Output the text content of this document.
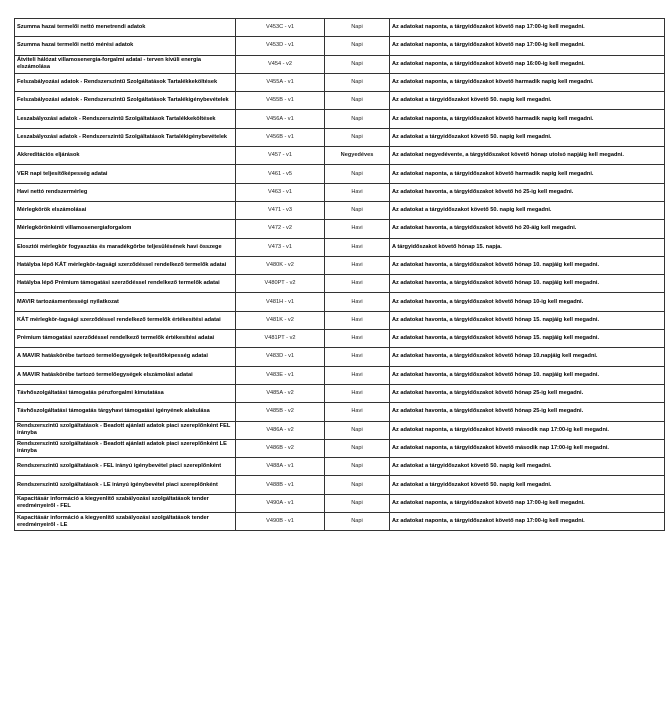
Szumma hazai termelői nettó menetrendi adatok	V453C - v1	Napi	Az adatokat naponta, a tárgyidőszakot követő nap 17:00-ig kell megadni.
Szumma hazai termelői nettó mérési adatok	V453D - v1	Napi	Az adatokat naponta, a tárgyidőszakot követő nap 17:00-ig kell megadni.
Átviteli hálózat villamosenergia-forgalmi adatai - terven kívüli energia elszámolása	V454 - v2	Napi	Az adatokat naponta, a tárgyidőszakot követő nap 16:00-ig kell megadni.
Felszabályozási adatok - Rendszerszintű Szolgáltatások Tartalékkeköltések	V455A - v1	Napi	Az adatokat naponta, a tárgyidőszakot követő harmadik napig kell megadni.
Felszabályozási adatok - Rendszerszintű Szolgáltatások Tartalékigénybevételek	V455B - v1	Napi	Az adatokat a tárgyidőszakot követő 50. napig kell megadni.
Leszabályozási adatok - Rendszerszintű Szolgáltatások Tartalékkeköltések	V456A - v1	Napi	Az adatokat naponta, a tárgyidőszakot követő harmadik napig kell megadni.
Leszabályozási adatok - Rendszerszintű Szolgáltatások Tartalékigénybevételek	V456B - v1	Napi	Az adatokat a tárgyidőszakot követő 50. napig kell megadni.
Akkreditációs eljárások	V457 - v1	Negyedéves	Az adatokat negyedévente, a tárgyidőszakot követő hónap utolsó napjáig kell megadni.
VER napi teljesítőképesség adatai	V461 - v5	Napi	Az adatokat naponta, a tárgyidőszakot követő harmadik napig kell megadni.
Havi nettó rendszermérleg	V463 - v1	Havi	Az adatokat havonta, a tárgyidőszakot követő hó 25-ig kell megadni.
Mérlegkörök elszámolásai	V471 - v3	Napi	Az adatokat a tárgyidőszakot követő 50. napig kell megadni.
Mérlegkörönkénti villamosenergiaforgalom	V472 - v2	Havi	Az adatokat havonta, a tárgyidőszakot követő hó 20-áig kell megadni.
Elosztói mérlegkör fogyasztás és maradékgörbe teljesülésének havi összege	V473 - v1	Havi	A tárgyidőszakot követő hónap 15. napja.
Hatályba lépő KÁT mérlegkör-tagsági szerződéssel rendelkező termelők adatai	V480K - v2	Havi	Az adatokat havonta, a tárgyidőszakot követő hónap 10. napjáig kell megadni.
Hatályba lépő Prémium támogatási szerződéssel rendelkező termelők adatai	V480PT - v2	Havi	Az adatokat havonta, a tárgyidőszakot követő hónap 10. napjáig kell megadni.
MAVIR tartozásmentességi nyilatkozat	V481H - v1	Havi	Az adatokat havonta, a tárgyidőszakot követő hónap 10-ig kell megadni.
KÁT mérlegkör-tagsági szerződéssel rendelkező termelők értékesítési adatai	V481K - v2	Havi	Az adatokat havonta, a tárgyidőszakot követő hónap 15. napjáig kell megadni.
Prémium támogatási szerződéssel rendelkező termelők értékesítési adatai	V481PT - v2	Havi	Az adatokat havonta, a tárgyidőszakot követő hónap 15. napjáig kell megadni.
A MAVIR hatáskörébe tartozó termelőegységek teljesítőképesség adatai	V483D - v1	Havi	Az adatokat havonta, a tárgyidőszakot követő hónap 10.napjáig kell megadni.
A MAVIR hatáskörébe tartozó termelőegységek elszámolási adatai	V483E - v1	Havi	Az adatokat havonta, a tárgyidőszakot követő hónap 10. napjáig kell megadni.
Távhőszolgáltatási támogatás pénzforgalmi kimutatása	V485A - v2	Havi	Az adatokat havonta, a tárgyidőszakot követő hónap 25-ig kell megadni.
Távhőszolgáltatási támogatás tárgyhavi támogatási igényének alakulása	V485B - v2	Havi	Az adatokat havonta, a tárgyidőszakot követő hónap 25-ig kell megadni.
Rendszerszintű szolgáltatások - Beadott ajánlati adatok piaci szereplőnként FEL irányba	V486A - v2	Napi	Az adatokat naponta, a tárgyidőszakot követő második nap 17:00-ig kell megadni.
Rendszerszintű szolgáltatások - Beadott ajánlati adatok piaci szereplőnként LE irányba	V486B - v2	Napi	Az adatokat naponta, a tárgyidőszakot követő második nap 17:00-ig kell megadni.
Rendszerszintű szolgáltatások - FEL irányú igénybevétel piaci szereplőnként	V488A - v1	Napi	Az adatokat a tárgyidőszakot követő 50. napig kell megadni.
Rendszerszintű szolgáltatások - LE irányú igénybevétel piaci szereplőnként	V488B - v1	Napi	Az adatokat a tárgyidőszakot követő 50. napig kell megadni.
Kapacitásár információ a kiegyenlítő szabályozási szolgáltatások tender eredményeiről - FEL	V490A - v1	Napi	Az adatokat naponta, a tárgyidőszakot követő nap 17:00-ig kell megadni.
Kapacitásár információ a kiegyenlítő szabályozási szolgáltatások tender eredményeiről - LE	V490B - v1	Napi	Az adatokat naponta, a tárgyidőszakot követő nap 17:00-ig kell megadni.
